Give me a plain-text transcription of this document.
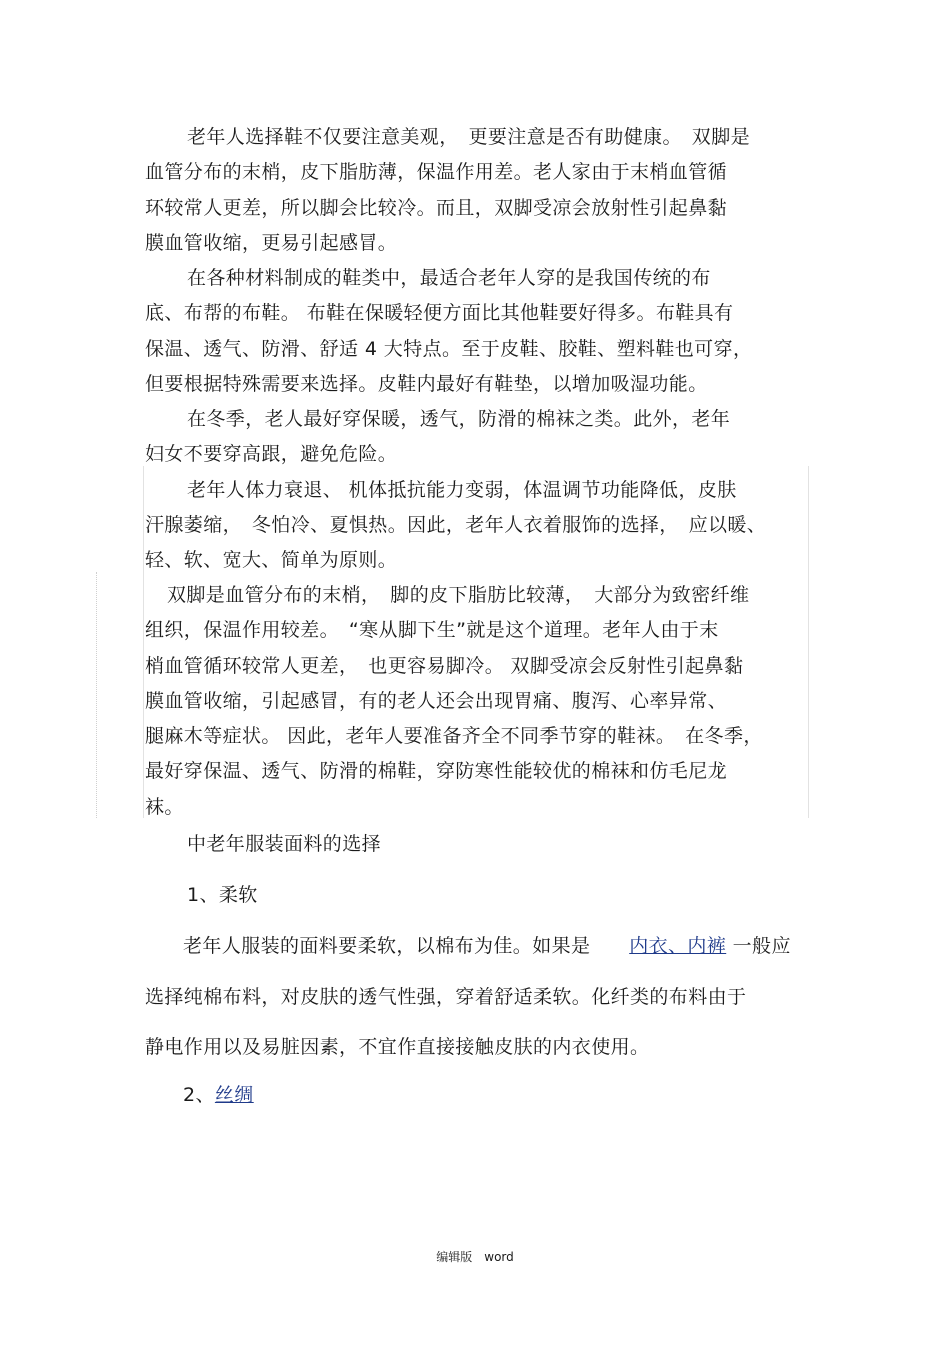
老年人选择鞋不仅要注意美观，　更要注意是否有助健康。　双脚是
血管分布的末梢，皮下脂肪薄，保温作用差。老人家由于末梢血管循
环较常人更差，所以脚会比较冷。而且，双脚受凉会放射性引起鼻黏
膜血管收缩，更易引起感冒。
在各种材料制成的鞋类中，最适合老年人穿的是我国传统的布
底、布帮的布鞋。 布鞋在保暖轻便方面比其他鞋要好得多。布鞋具有
保温、透气、防滑、舒适 4 大特点。至于皮鞋、胶鞋、塑料鞋也可穿，
但要根据特殊需要来选择。皮鞋内最好有鞋垫，以增加吸湿功能。
在冬季，老人最好穿保暖，透气，防滑的棉袜之类。此外，老年
妇女不要穿高跟，避免危险。
老年人体力衰退、 机体抵抗能力变弱，体温调节功能降低，皮肤
汗腺萎缩，　冬怕冷、夏惧热。因此，老年人衣着服饰的选择，　应以暖、
轻、软、宽大、简单为原则。
双脚是血管分布的末梢，　脚的皮下脂肪比较薄，　大部分为致密纤维
组织，保温作用较差。　“寒从脚下生”就是这个道理。老年人由于末
梢血管循环较常人更差，　也更容易脚冷。 双脚受凉会反射性引起鼻黏
膜血管收缩，引起感冒，有的老人还会出现胃痛、腹泻、心率异常、
腿麻木等症状。 因此，老年人要准备齐全不同季节穿的鞋袜。　在冬季，
最好穿保温、透气、防滑的棉鞋，穿防寒性能较优的棉袜和仿毛尼龙
袜。
中老年服装面料的选择
1、柔软
老年人服装的面料要柔软，以棉布为佳。如果是　　内衣、内裤 一般应
选择纯棉布料，对皮肤的透气性强，穿着舒适柔软。化纤类的布料由于
静电作用以及易脏因素，不宜作直接接触皮肤的内衣使用。
2、丝绸
编辑版　word
